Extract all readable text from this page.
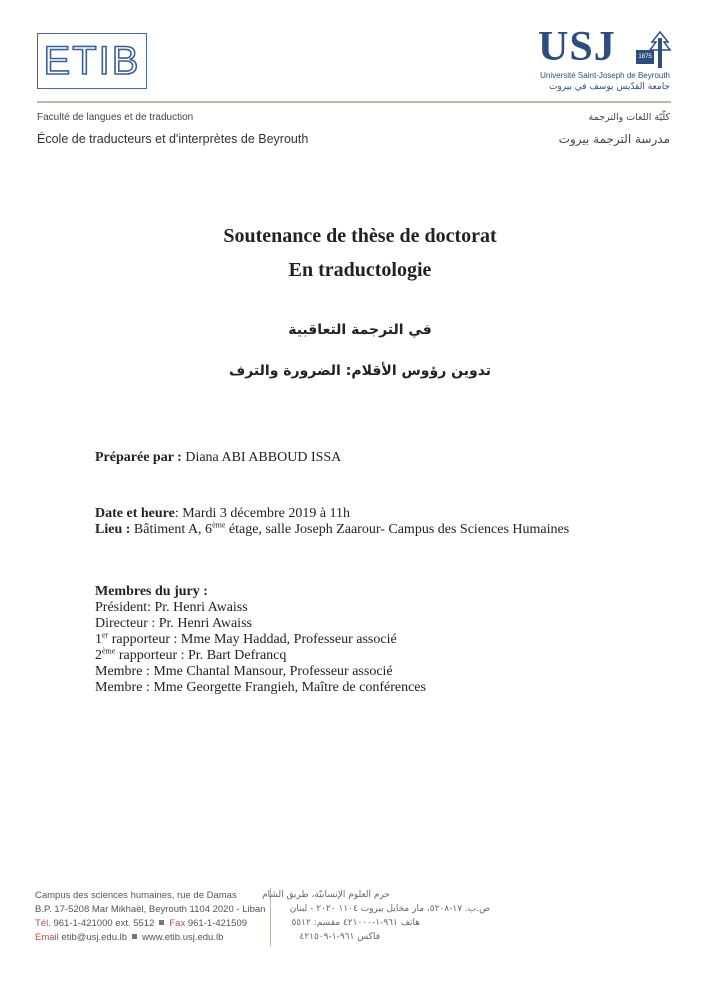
ETIB	USJ	1875
Université Saint-Joseph de Beyrouth
جامعة القدّيس يوسف في بيروت
Faculté de langues et de traduction
École de traducteurs et d'interprètes de Beyrouth
كلّيّة اللغات والترجمة
مدرسة الترجمة بيروت
Soutenance de thèse de doctorat
En traductologie
في الترجمة التعاقبية
تدوين رؤوس الأقلام: الضرورة والترف
Préparée par : Diana ABI ABBOUD ISSA
Date et heure: Mardi 3 décembre 2019 à 11h
Lieu : Bâtiment A, 6ème étage, salle Joseph Zaarour- Campus des Sciences Humaines
Membres du jury :
Président: Pr. Henri Awaiss
Directeur : Pr. Henri Awaiss
1er rapporteur : Mme May Haddad, Professeur associé
2ème rapporteur : Pr. Bart Defrancq
Membre : Mme Chantal Mansour, Professeur associé
Membre : Mme Georgette Frangieh, Maître de conférences
Campus des sciences humaines, rue de Damas
B.P. 17-5208 Mar Mikhaël, Beyrouth 1104 2020 - Liban
Tél. 961-1-421000 ext. 5512 Fax 961-1-421509
Email etib@usj.edu.lb www.etib.usj.edu.lb
حرم العلوم الإنسانيّة، طريق الشام
ص.ب. ١٧-٥٢٠٨، مار مخايل بيروت ١١٠٤ ٢٠٢٠ - لبنان
هاتف ٩٦١-١-٤٢١٠٠٠ مقسم: ٥٥١٢
فاكس ٩٦١-١-٤٢١٥٠٩
